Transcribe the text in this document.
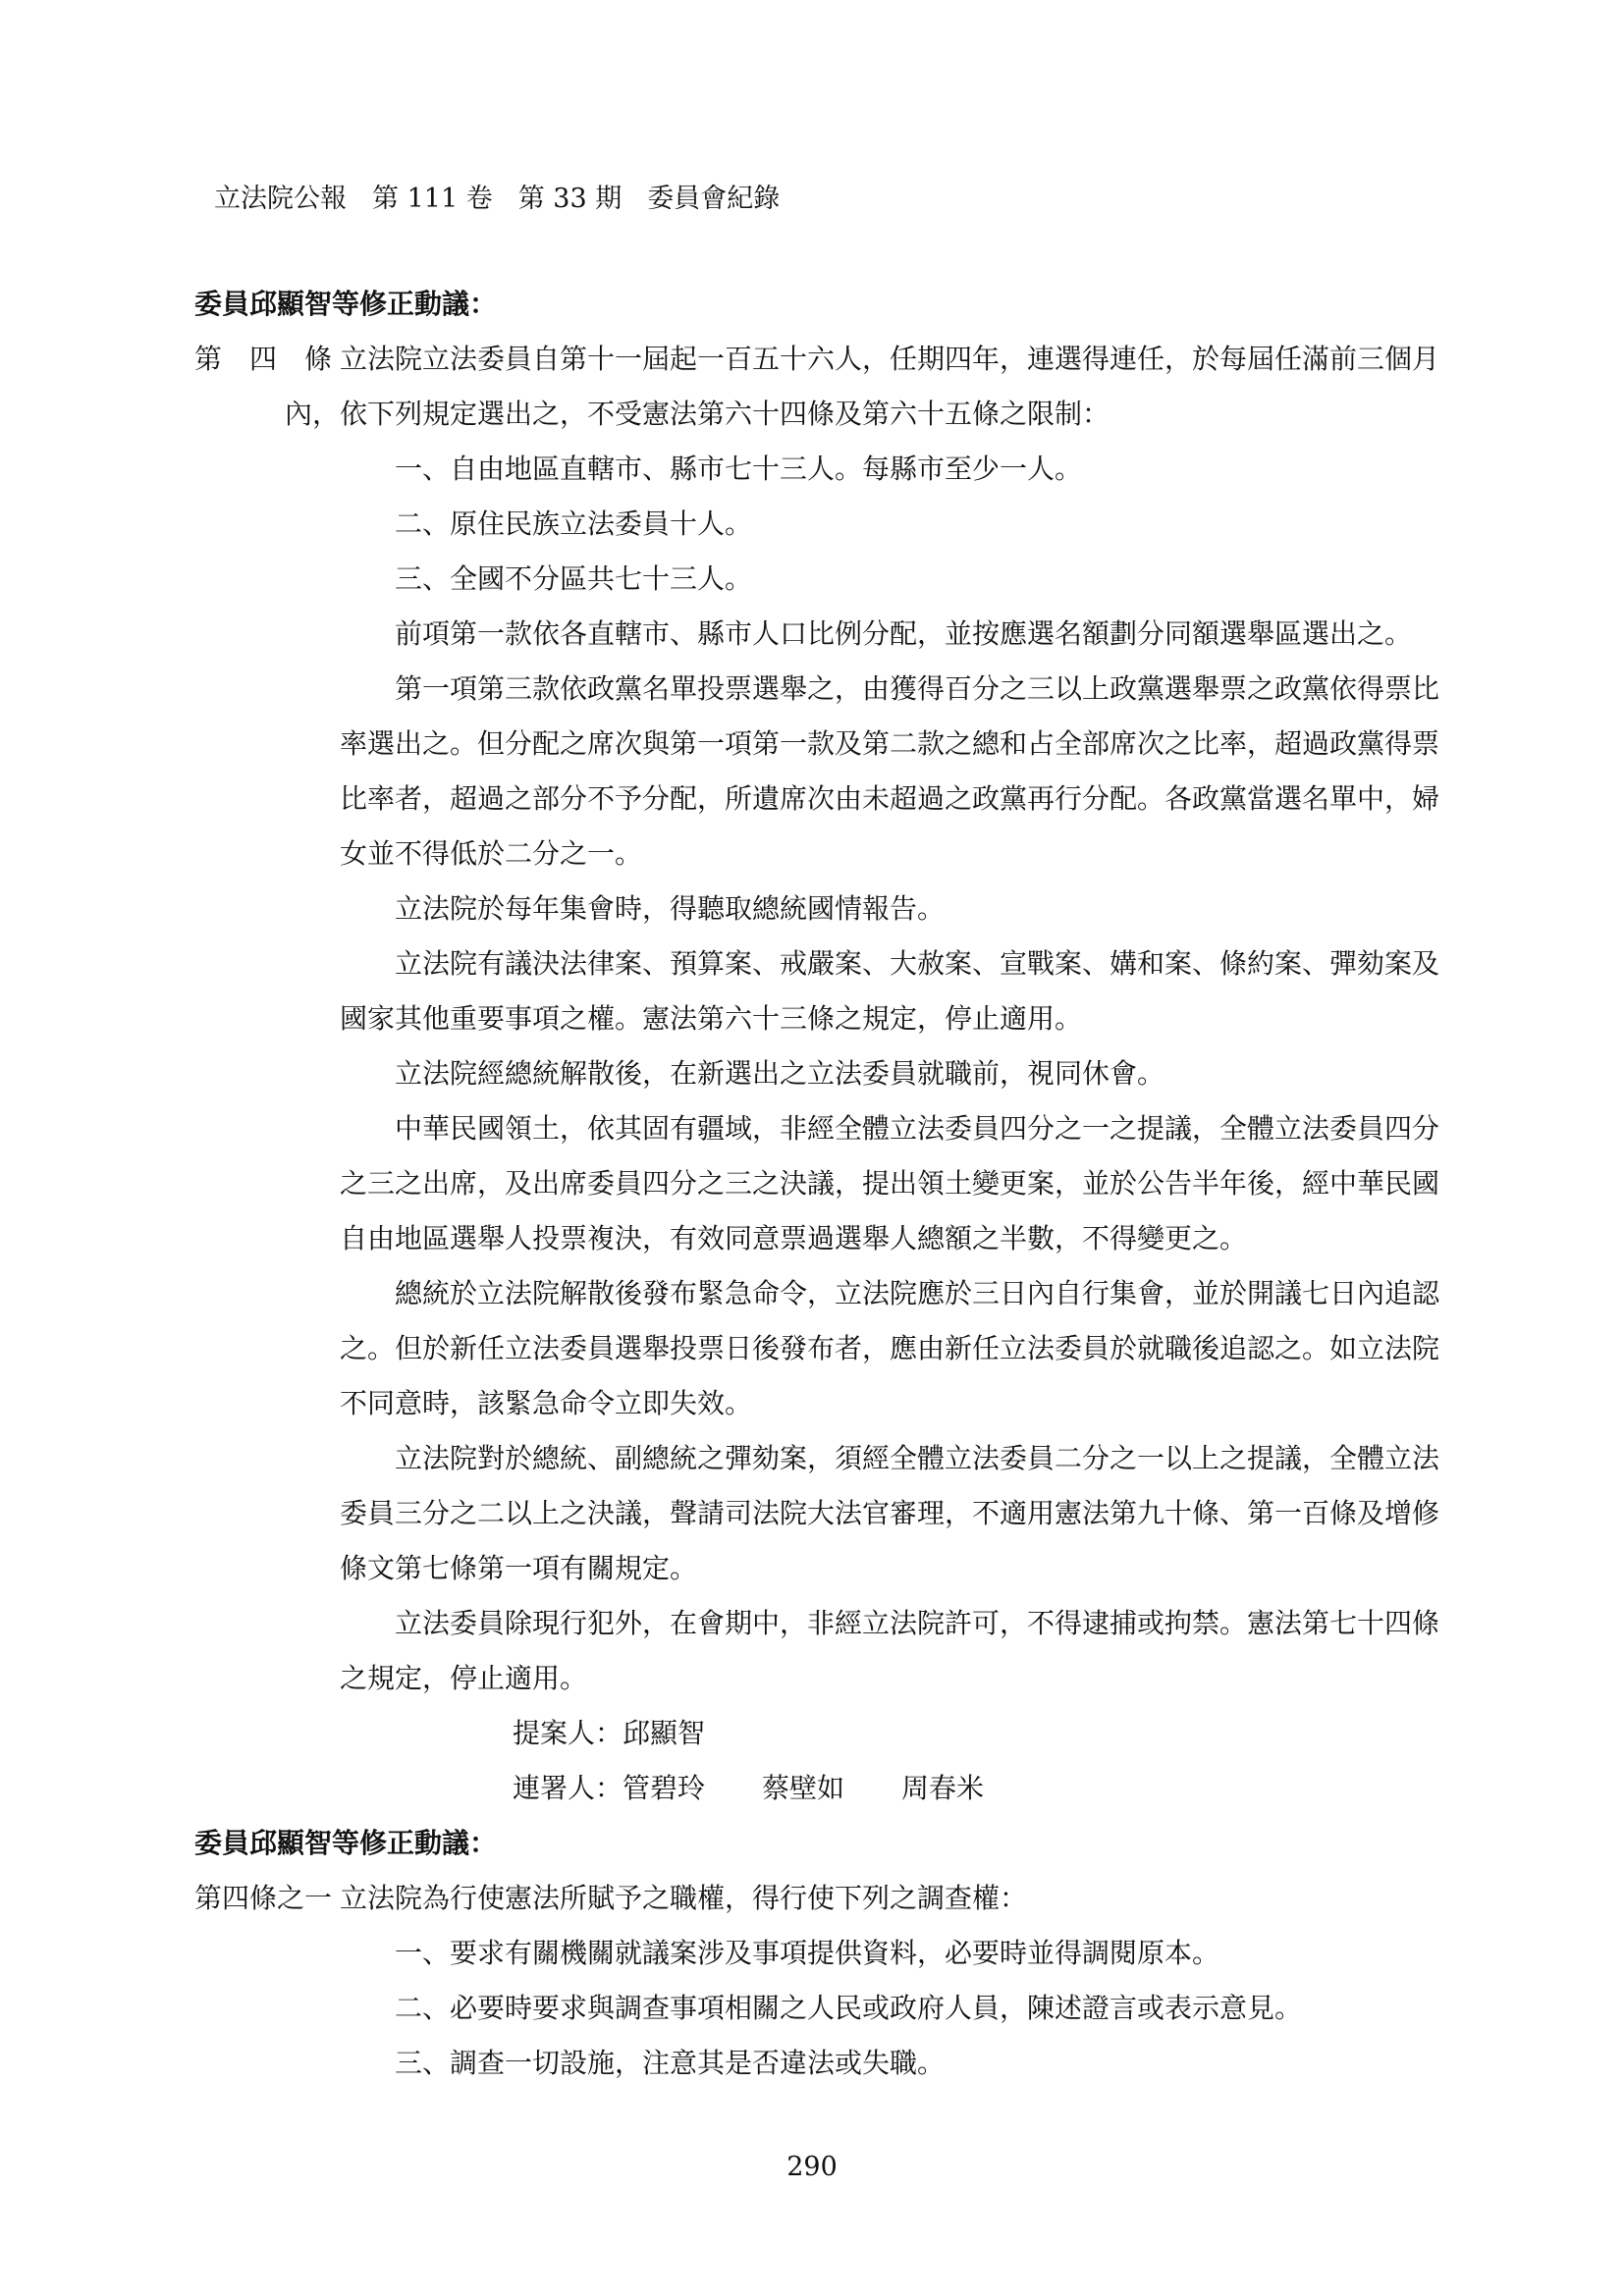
立法院公報 第 111 卷 第 33 期 委員會紀錄

委員邱顯智等修正動議：

第　四　條 立法院立法委員自第十一屆起一百五十六人，任期四年，連選得連任，於每屆任滿前三個月內，依下列規定選出之，不受憲法第六十四條及第六十五條之限制：

一、自由地區直轄市、縣市七十三人。每縣市至少一人。

二、原住民族立法委員十人。

三、全國不分區共七十三人。

前項第一款依各直轄市、縣市人口比例分配，並按應選名額劃分同額選舉區選出之。

第一項第三款依政黨名單投票選舉之，由獲得百分之三以上政黨選舉票之政黨依得票比率選出之。但分配之席次與第一項第一款及第二款之總和占全部席次之比率，超過政黨得票比率者，超過之部分不予分配，所遺席次由未超過之政黨再行分配。各政黨當選名單中，婦女並不得低於二分之一。

立法院於每年集會時，得聽取總統國情報告。

立法院有議決法律案、預算案、戒嚴案、大赦案、宣戰案、媾和案、條約案、彈劾案及國家其他重要事項之權。憲法第六十三條之規定，停止適用。

立法院經總統解散後，在新選出之立法委員就職前，視同休會。

中華民國領土，依其固有疆域，非經全體立法委員四分之一之提議，全體立法委員四分之三之出席，及出席委員四分之三之決議，提出領土變更案，並於公告半年後，經中華民國自由地區選舉人投票複決，有效同意票過選舉人總額之半數，不得變更之。

總統於立法院解散後發布緊急命令，立法院應於三日內自行集會，並於開議七日內追認之。但於新任立法委員選舉投票日後發布者，應由新任立法委員於就職後追認之。如立法院不同意時，該緊急命令立即失效。

立法院對於總統、副總統之彈劾案，須經全體立法委員二分之一以上之提議，全體立法委員三分之二以上之決議，聲請司法院大法官審理，不適用憲法第九十條、第一百條及增修條文第七條第一項有關規定。

立法委員除現行犯外，在會期中，非經立法院許可，不得逮捕或拘禁。憲法第七十四條之規定，停止適用。

提案人：邱顯智

連署人：管碧玲 蔡壁如 周春米

委員邱顯智等修正動議：

第四條之一 立法院為行使憲法所賦予之職權，得行使下列之調查權：

一、要求有關機關就議案涉及事項提供資料，必要時並得調閱原本。

二、必要時要求與調查事項相關之人民或政府人員，陳述證言或表示意見。

三、調查一切設施，注意其是否違法或失職。

290
